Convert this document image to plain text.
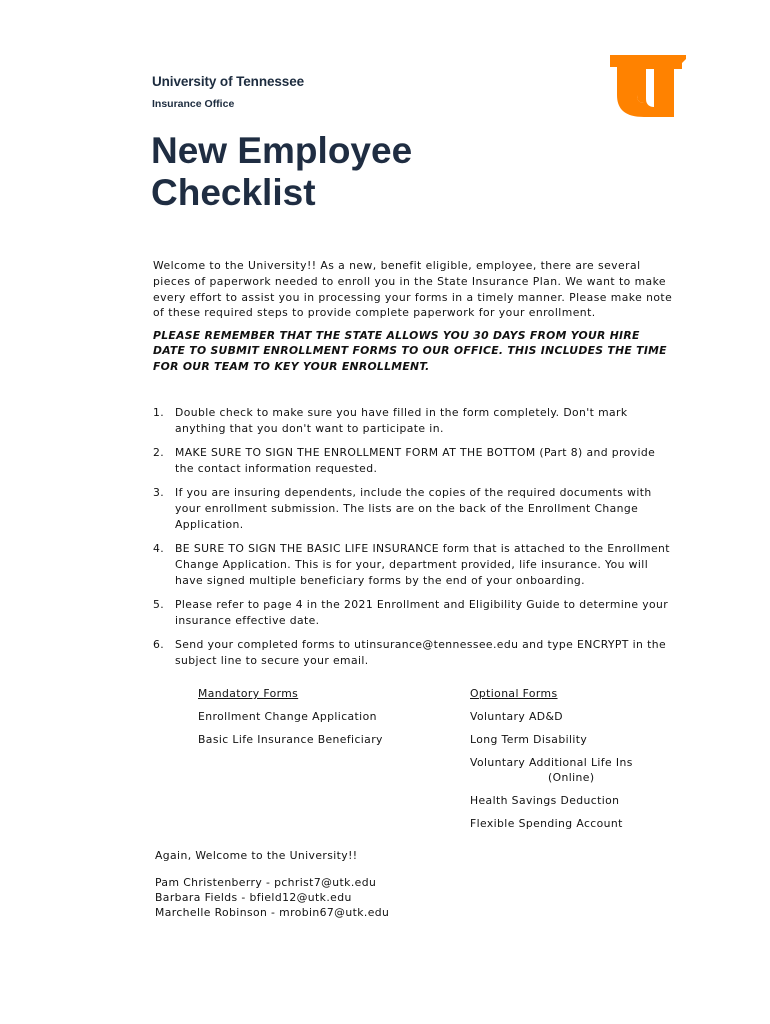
University of Tennessee
Insurance Office
New Employee
Checklist

Welcome to the University!! As a new, benefit eligible, employee, there are several pieces of paperwork needed to enroll you in the State Insurance Plan. We want to make every effort to assist you in processing your forms in a timely manner. Please make note of these required steps to provide complete paperwork for your enrollment.

PLEASE REMEMBER THAT THE STATE ALLOWS YOU 30 DAYS FROM YOUR HIRE DATE TO SUBMIT ENROLLMENT FORMS TO OUR OFFICE. THIS INCLUDES THE TIME FOR OUR TEAM TO KEY YOUR ENROLLMENT.

1. Double check to make sure you have filled in the form completely. Don't mark anything that you don't want to participate in.
2. MAKE SURE TO SIGN THE ENROLLMENT FORM AT THE BOTTOM (Part 8) and provide the contact information requested.
3. If you are insuring dependents, include the copies of the required documents with your enrollment submission. The lists are on the back of the Enrollment Change Application.
4. BE SURE TO SIGN THE BASIC LIFE INSURANCE form that is attached to the Enrollment Change Application. This is for your, department provided, life insurance. You will have signed multiple beneficiary forms by the end of your onboarding.
5. Please refer to page 4 in the 2021 Enrollment and Eligibility Guide to determine your insurance effective date.
6. Send your completed forms to utinsurance@tennessee.edu and type ENCRYPT in the subject line to secure your email.
Mandatory Forms
Enrollment Change Application
Basic Life Insurance Beneficiary
Optional Forms
Voluntary AD&D
Long Term Disability
Voluntary Additional Life Ins
(Online)
Health Savings Deduction
Flexible Spending Account

Again, Welcome to the University!!

Pam Christenberry - pchrist7@utk.edu
Barbara Fields - bfield12@utk.edu
Marchelle Robinson - mrobin67@utk.edu
